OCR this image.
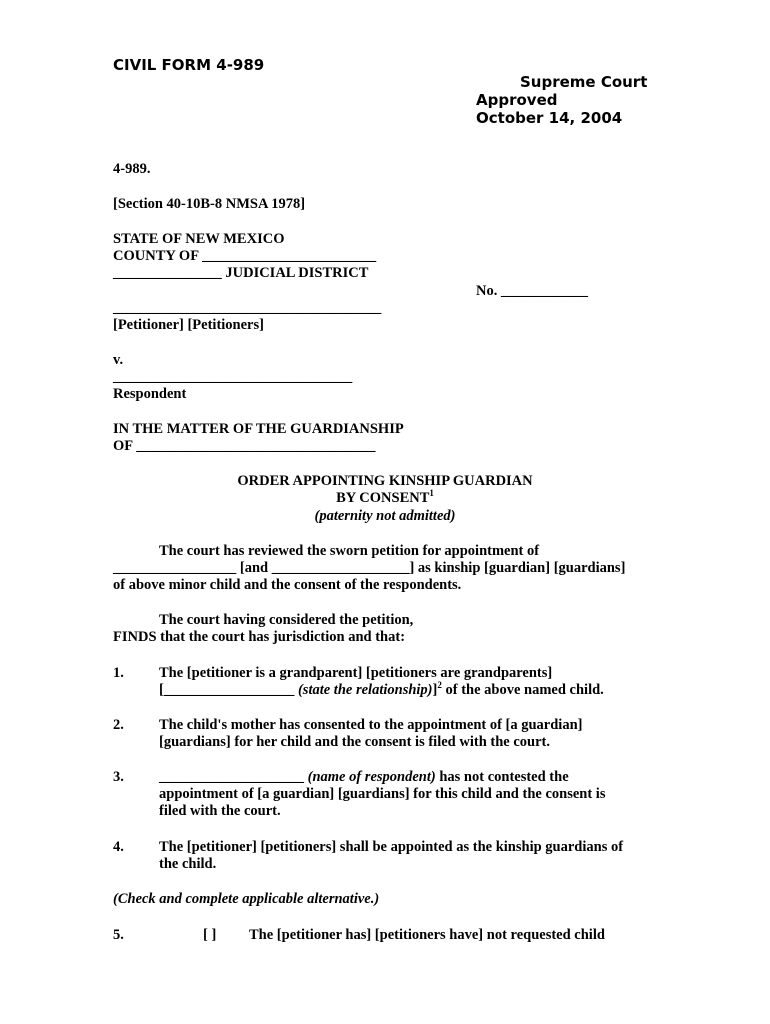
CIVIL FORM 4-989
Supreme Court
Approved
October 14, 2004
4-989.
[Section 40-10B-8 NMSA 1978]
STATE OF NEW MEXICO
COUNTY OF ________________________
_______________ JUDICIAL DISTRICT
No. ____________
_____________________________________
[Petitioner] [Petitioners]
v.
_________________________________
Respondent
IN THE MATTER OF THE GUARDIANSHIP
OF _________________________________
ORDER APPOINTING KINSHIP GUARDIAN
BY CONSENT$^1$
(paternity not admitted)
The court has reviewed the sworn petition for appointment of
_________________ [and ___________________] as kinship [guardian] [guardians]
of above minor child and the consent of the respondents.
The court having considered the petition,
FINDS that the court has jurisdiction and that:
1. The [petitioner is a grandparent] [petitioners are grandparents]
[__________________ (state the relationship)]$^2$ of the above named child.
2. The child's mother has consented to the appointment of [a guardian]
[guardians] for her child and the consent is filed with the court.
3. ____________________ (name of respondent) has not contested the
appointment of [a guardian] [guardians] for this child and the consent is
filed with the court.
4. The [petitioner] [petitioners] shall be appointed as the kinship guardians of
the child.
(Check and complete applicable alternative.)
5.	[ ] The [petitioner has] [petitioners have] not requested child
